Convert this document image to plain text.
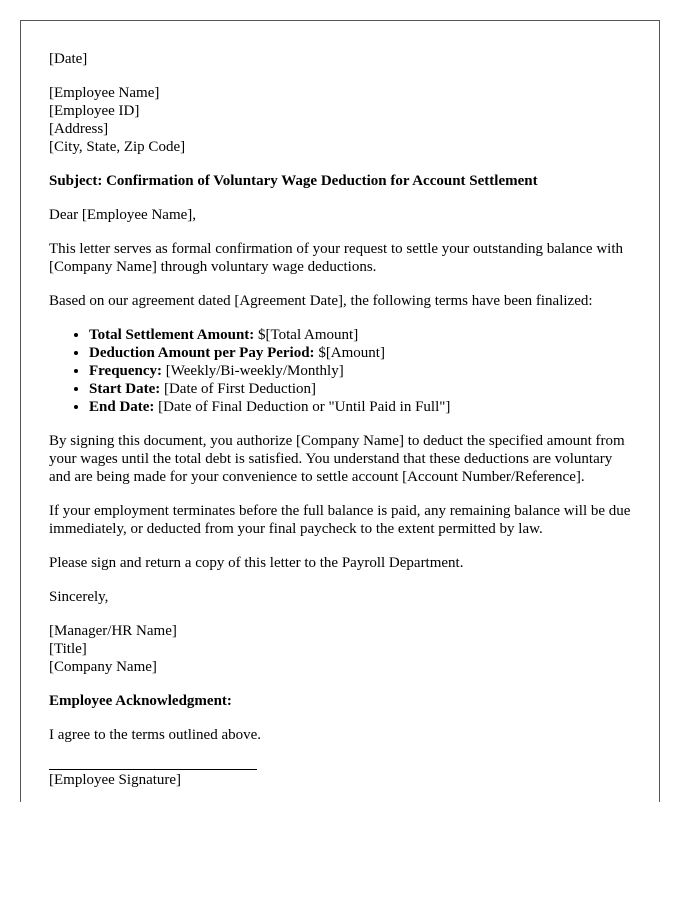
[Date]

[Employee Name]
[Employee ID]
[Address]
[City, State, Zip Code]

Subject: Confirmation of Voluntary Wage Deduction for Account Settlement

Dear [Employee Name],

This letter serves as formal confirmation of your request to settle your outstanding balance with [Company Name] through voluntary wage deductions.

Based on our agreement dated [Agreement Date], the following terms have been finalized:

• Total Settlement Amount: $[Total Amount]
• Deduction Amount per Pay Period: $[Amount]
• Frequency: [Weekly/Bi-weekly/Monthly]
• Start Date: [Date of First Deduction]
• End Date: [Date of Final Deduction or "Until Paid in Full"]

By signing this document, you authorize [Company Name] to deduct the specified amount from your wages until the total debt is satisfied. You understand that these deductions are voluntary and are being made for your convenience to settle account [Account Number/Reference].

If your employment terminates before the full balance is paid, any remaining balance will be due immediately, or deducted from your final paycheck to the extent permitted by law.

Please sign and return a copy of this letter to the Payroll Department.

Sincerely,

[Manager/HR Name]
[Title]
[Company Name]

Employee Acknowledgment:

I agree to the terms outlined above.

[Employee Signature]
